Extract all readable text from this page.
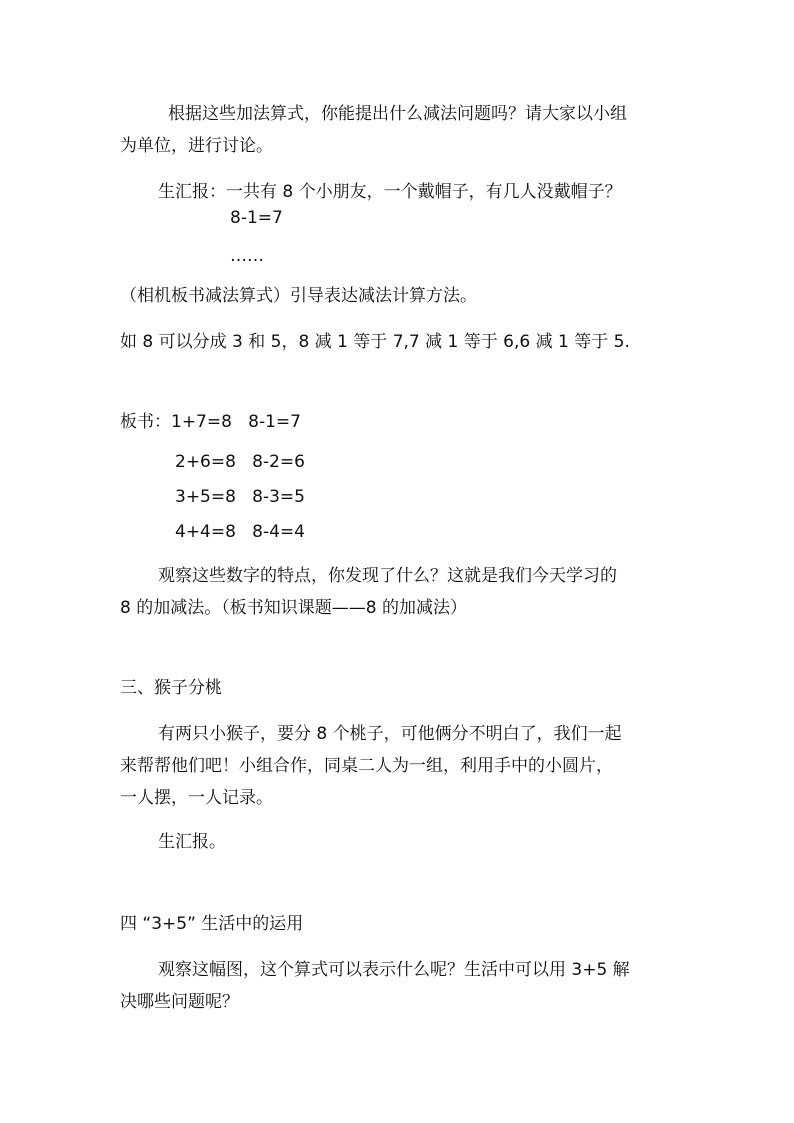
根据这些加法算式，你能提出什么减法问题吗？请大家以小组
为单位，进行讨论。
生汇报：一共有 8 个小朋友，一个戴帽子，有几人没戴帽子？
8-1=7
……
（相机板书减法算式）引导表达减法计算方法。
如 8 可以分成 3 和 5，8 减 1 等于 7,7 减 1 等于 6,6 减 1 等于 5.
板书：1+7=8   8-1=7
2+6=8   8-2=6
3+5=8   8-3=5
4+4=8   8-4=4
观察这些数字的特点，你发现了什么？这就是我们今天学习的
8 的加减法。（板书知识课题——8 的加减法）
三、猴子分桃
有两只小猴子，要分 8 个桃子，可他俩分不明白了，我们一起
来帮帮他们吧！小组合作，同桌二人为一组，利用手中的小圆片，
一人摆，一人记录。
生汇报。
四 “3+5” 生活中的运用
观察这幅图，这个算式可以表示什么呢？生活中可以用 3+5 解
决哪些问题呢？
